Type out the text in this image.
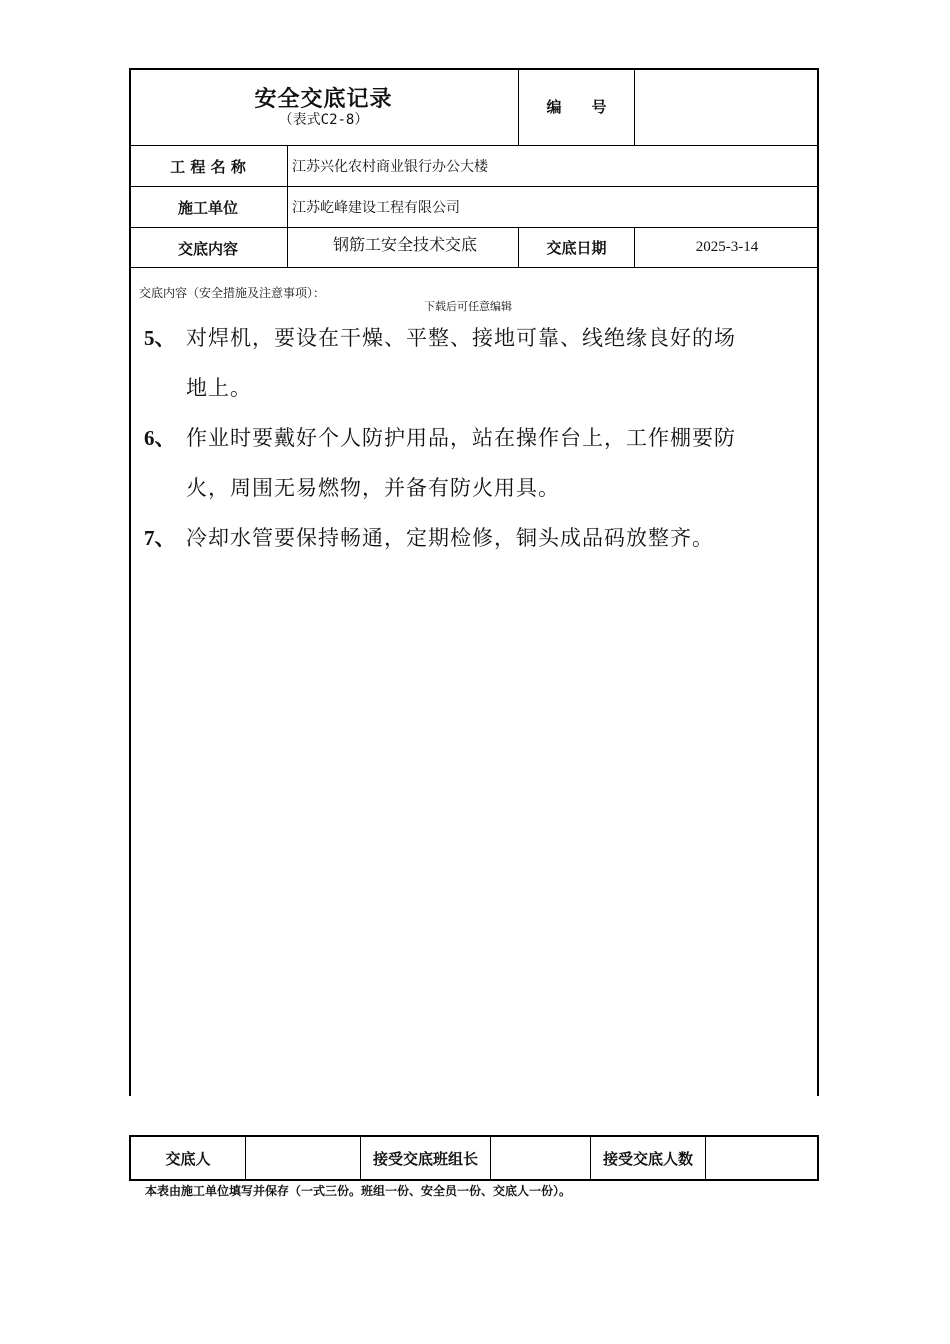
安全交底记录
（表式C2-8）
编　　号
工 程 名 称	江苏兴化农村商业银行办公大楼
施工单位	江苏屹峰建设工程有限公司
交底内容	钢筋工安全技术交底	交底日期	2025-3-14
交底内容（安全措施及注意事项）：
下载后可任意编辑
5、 对焊机，要设在干燥、平整、接地可靠、线绝缘良好的场
地上。
6、 作业时要戴好个人防护用品，站在操作台上，工作棚要防
火，周围无易燃物，并备有防火用具。
7、 冷却水管要保持畅通，定期检修，铜头成品码放整齐。
交底人	接受交底班组长	接受交底人数
本表由施工单位填写并保存（一式三份。班组一份、安全员一份、交底人一份）。
